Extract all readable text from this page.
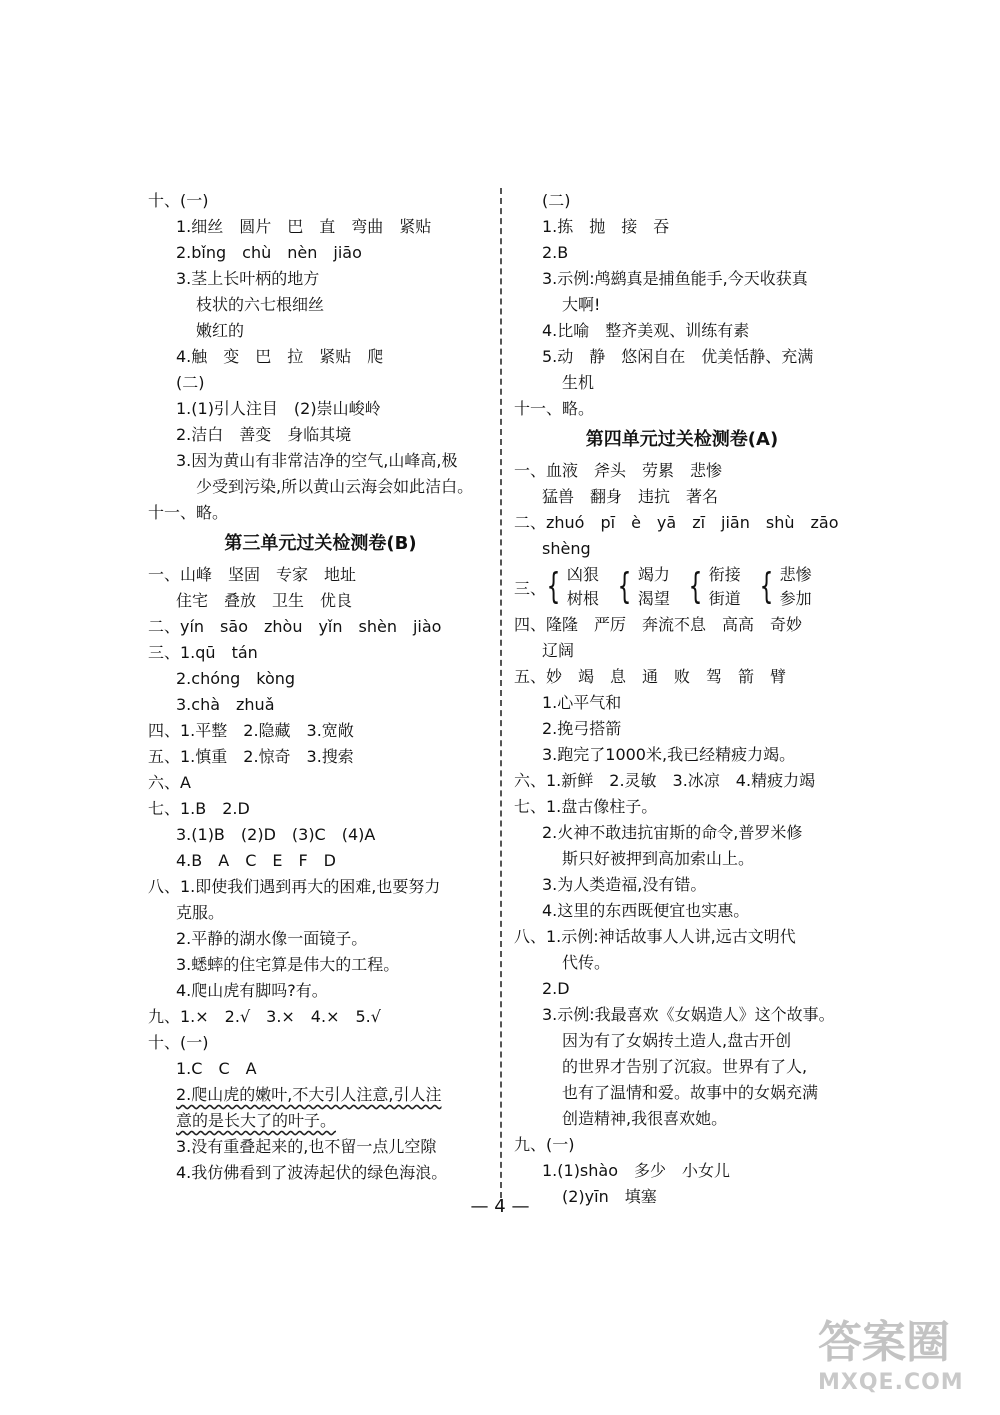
十、(一)
1.细丝　圆片　巴　直　弯曲　紧贴
2.bǐng　chù　nèn　jiāo
3.茎上长叶柄的地方
枝状的六七根细丝
嫩红的
4.触　变　巴　拉　紧贴　爬
(二)
1.(1)引人注目　(2)崇山峻岭
2.洁白　善变　身临其境
3.因为黄山有非常洁净的空气,山峰高,极
少受到污染,所以黄山云海会如此洁白。
十一、略。
第三单元过关检测卷(B)
一、山峰　坚固　专家　地址
住宅　叠放　卫生　优良
二、yín　sāo　zhòu　yǐn　shèn　jiào
三、1.qū　tán
2.chóng　kòng
3.chà　zhuǎ
四、1.平整　2.隐藏　3.宽敞
五、1.慎重　2.惊奇　3.搜索
六、A
七、1.B　2.D
3.(1)B　(2)D　(3)C　(4)A
4.B　A　C　E　F　D
八、1.即使我们遇到再大的困难,也要努力
克服。
2.平静的湖水像一面镜子。
3.蟋蟀的住宅算是伟大的工程。
4.爬山虎有脚吗?有。
九、1.×　2.√　3.×　4.×　5.√
十、(一)
1.C　C　A
2.爬山虎的嫩叶,不大引人注意,引人注
意的是长大了的叶子。
3.没有重叠起来的,也不留一点儿空隙
4.我仿佛看到了波涛起伏的绿色海浪。
(二)
1.拣　抛　接　吞
2.B
3.示例:鸬鹚真是捕鱼能手,今天收获真
大啊!
4.比喻　整齐美观、训练有素
5.动　静　悠闲自在　优美恬静、充满
生机
十一、略。
第四单元过关检测卷(A)
一、血液　斧头　劳累　悲惨
猛兽　翻身　违抗　著名
二、zhuó　pī　è　yā　zī　jiān　shù　zāo
shèng
三、 { 凶狠
树根 { 竭力
渴望 { 衔接
街道 { 悲惨
参加
四、隆隆　严厉　奔流不息　高高　奇妙
辽阔
五、妙　竭　息　通　败　驾　箭　臂
1.心平气和
2.挽弓搭箭
3.跑完了1000米,我已经精疲力竭。
六、1.新鲜　2.灵敏　3.冰凉　4.精疲力竭
七、1.盘古像柱子。
2.火神不敢违抗宙斯的命令,普罗米修
斯只好被押到高加索山上。
3.为人类造福,没有错。
4.这里的东西既便宜也实惠。
八、1.示例:神话故事人人讲,远古文明代
代传。
2.D
3.示例:我最喜欢《女娲造人》这个故事。
因为有了女娲抟土造人,盘古开创
的世界才告别了沉寂。世界有了人,
也有了温情和爱。故事中的女娲充满
创造精神,我很喜欢她。
九、(一)
1.(1)shào　多少　小女儿
(2)yīn　填塞
— 4 —
答案圈
MXQE.COM
